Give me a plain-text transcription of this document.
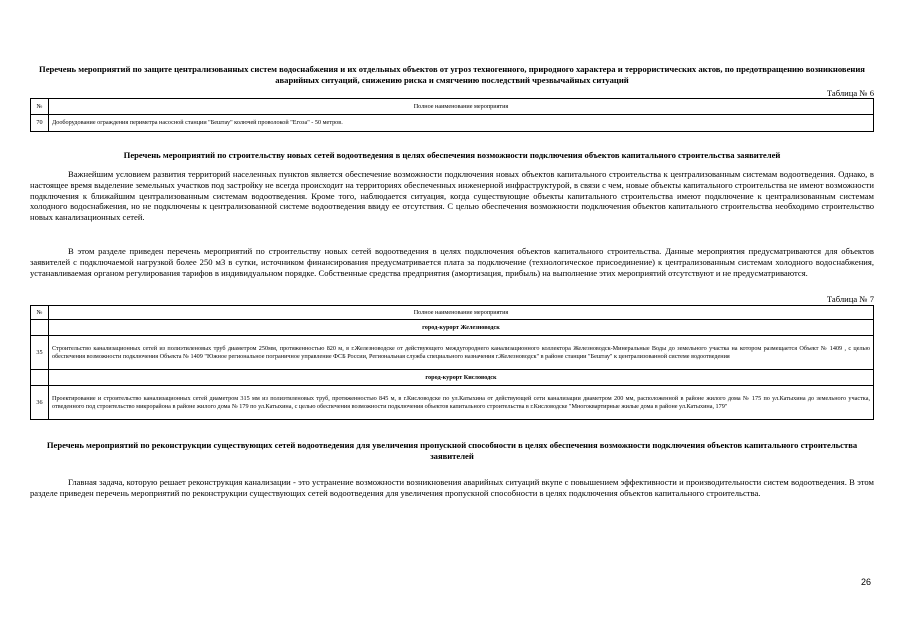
Перечень мероприятий по защите централизованных систем водоснабжения и их отдельных объектов от угроз техногенного, природного характера и террористических актов, по предотвращению возникновения аварийных ситуаций, снижению риска и смягчению последствий чрезвычайных ситуаций
Таблица № 6
№	Полное наименование мероприятия
70	Дооборудование ограждения периметра насосной станции "Бештау" колючей проволокой "Егоза" - 50 метров.
Перечень мероприятий по строительству новых сетей водоотведения в целях обеспечения возможности подключения объектов капитального строительства заявителей
Важнейшим условием развития территорий населенных пунктов является обеспечение возможности подключения новых объектов капитального строительства к централизованным системам водоотведения. Однако, в настоящее время выделение земельных участков под застройку не всегда происходит на территориях обеспеченных инженерной инфраструктурой, в связи с чем, новые объекты капитального строительства не имеют возможности подключения к ближайшим централизованным системам водоотведения. Кроме того, наблюдается ситуация, когда существующие объекты капитального строительства имеют подключение к централизованным системам холодного водоснабжения, но не подключены к централизованной системе водоотведения ввиду ее отсутствия. С целью обеспечения возможности подключения объектов капитального строительства необходимо строительство новых канализационных сетей.
В этом разделе приведен перечень мероприятий по строительству новых сетей водоотведения в целях подключения объектов капитального строительства. Данные мероприятия предусматриваются для объектов заявителей с подключаемой нагрузкой более 250 м3 в сутки, источником финансирования предусматривается плата за подключение (технологическое присоединение) к централизованным системам холодного водоснабжения, устанавливаемая органом регулирования тарифов в индивидуальном порядке. Собственные средства предприятия (амортизация, прибыль) на выполнение этих мероприятий отсутствуют и не предусматриваются.
Таблица № 7
№	Полное наименование мероприятия
	город-курорт Железноводск
35	Строительство канализационных сетей из полиэтиленовых труб диаметром 250мм, протяженностью 820 м, в г.Железноводске от действующего междугороднего канализационного коллектора Железноводск-Минеральные Воды до земельного участка на котором размещается Объект № 1409 , с целью обеспечения возможности подключения Объекта № 1409 "Южное региональное пограничное управление ФСБ России, Региональная служба специального назначения г.Железноводск" в районе станции "Бештау" к централизованной системе водоотведения
	город-курорт Кисловодск
36	Проектирование и строительство канализационных сетей диаметром 315 мм из полиэтиленовых труб, протяженностью 845 м, в г.Кисловодске по ул.Катыхина от действующей сети канализации диаметром 200 мм, расположенной в районе жилого дома № 175 по ул.Катыхина до земельного участка, отведенного под строительство микрорайона в районе жилого дома № 179 по ул.Катыхина, с целью обеспечения возможности подключения объектов капитального строительства в г.Кисловодске "Многоквартирные жилые дома в районе ул.Катыхина, 179"
Перечень мероприятий по реконструкции существующих сетей водоотведения для увеличения пропускной способности в целях обеспечения возможности подключения объектов капитального строительства заявителей
Главная задача, которую решает реконструкция канализации - это устранение возможности возникновения аварийных ситуаций вкупе с повышением эффективности и производительности систем водоотведения. В этом разделе приведен перечень мероприятий по реконструкции существующих сетей водоотведения для увеличения пропускной способности в целях подключения объектов капитального строительства.
26
